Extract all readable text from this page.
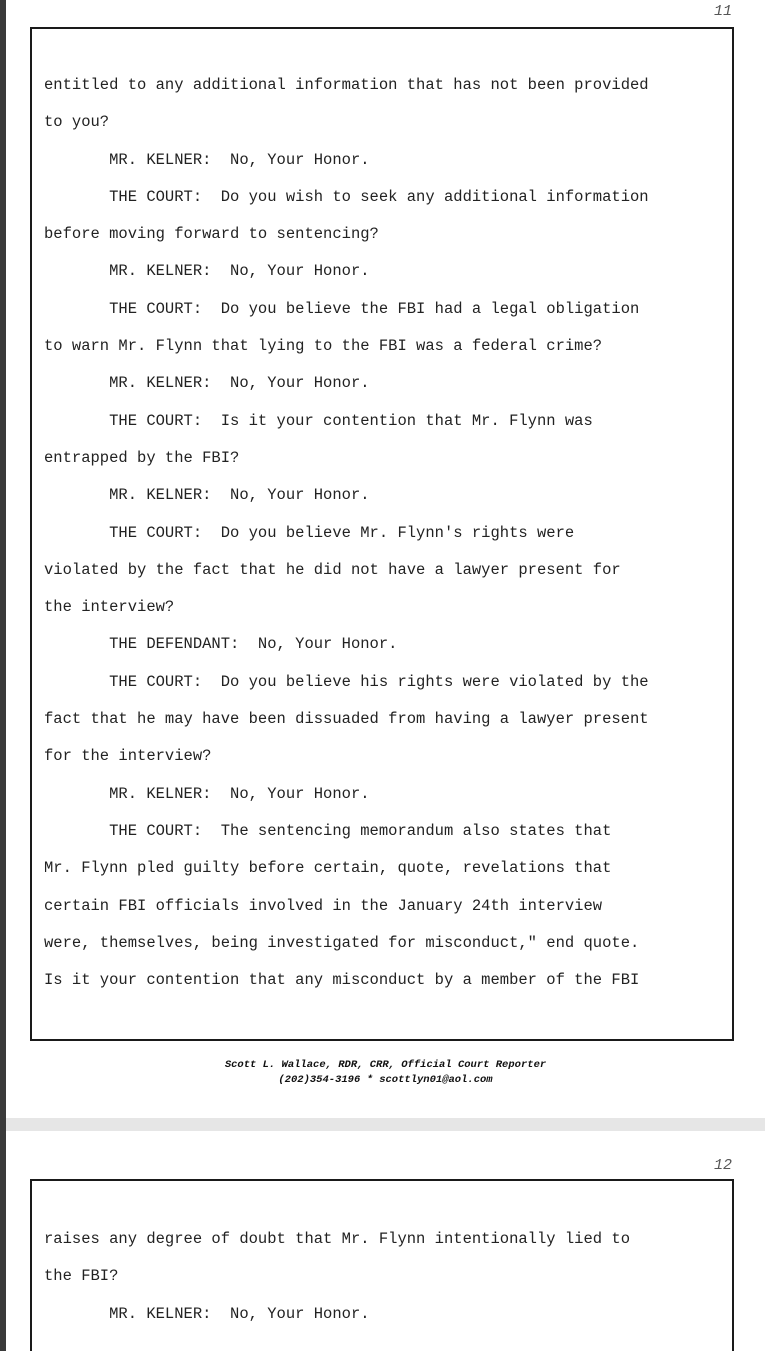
11
entitled to any additional information that has not been provided
to you?
MR. KELNER:  No, Your Honor.
THE COURT:  Do you wish to seek any additional information
before moving forward to sentencing?
MR. KELNER:  No, Your Honor.
THE COURT:  Do you believe the FBI had a legal obligation
to warn Mr. Flynn that lying to the FBI was a federal crime?
MR. KELNER:  No, Your Honor.
THE COURT:  Is it your contention that Mr. Flynn was
entrapped by the FBI?
MR. KELNER:  No, Your Honor.
THE COURT:  Do you believe Mr. Flynn's rights were
violated by the fact that he did not have a lawyer present for
the interview?
THE DEFENDANT:  No, Your Honor.
THE COURT:  Do you believe his rights were violated by the
fact that he may have been dissuaded from having a lawyer present
for the interview?
MR. KELNER:  No, Your Honor.
THE COURT:  The sentencing memorandum also states that
Mr. Flynn pled guilty before certain, quote, revelations that
certain FBI officials involved in the January 24th interview
were, themselves, being investigated for misconduct," end quote.
Is it your contention that any misconduct by a member of the FBI
Scott L. Wallace, RDR, CRR, Official Court Reporter
(202)354-3196 * scottlyn01@aol.com
12
raises any degree of doubt that Mr. Flynn intentionally lied to
the FBI?
MR. KELNER:  No, Your Honor.
